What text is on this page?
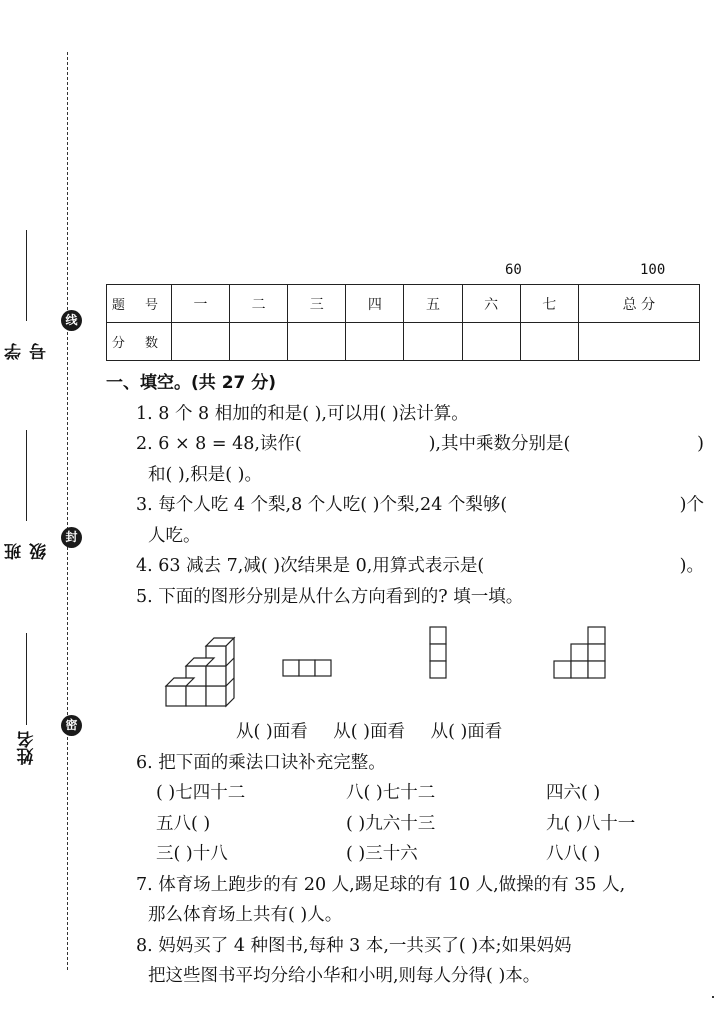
学号
班级
姓名
线
封
密
60	100
题 号	一	二	三	四	五	六	七	总 分
分 数								
一、填空。(共 27 分)
1. 8 个 8 相加的和是( ),可以用( )法计算。
2. 6 × 8 = 48,读作(	),其中乘数分别是(	)
和( ),积是( )。
3. 每个人吃 4 个梨,8 个人吃( )个梨,24 个梨够(	)个
人吃。
4. 63 减去 7,减( )次结果是 0,用算式表示是(	)。
5. 下面的图形分别是从什么方向看到的? 填一填。
从( )面看 从( )面看 从( )面看
6. 把下面的乘法口诀补充完整。
( )七四十二	八( )七十二	四六( )
五八( )	( )九六十三	九( )八十一
三( )十八	( )三十六	八八( )
7. 体育场上跑步的有 20 人,踢足球的有 10 人,做操的有 35 人,
那么体育场上共有( )人。
8. 妈妈买了 4 种图书,每种 3 本,一共买了( )本;如果妈妈
把这些图书平均分给小华和小明,则每人分得( )本。
